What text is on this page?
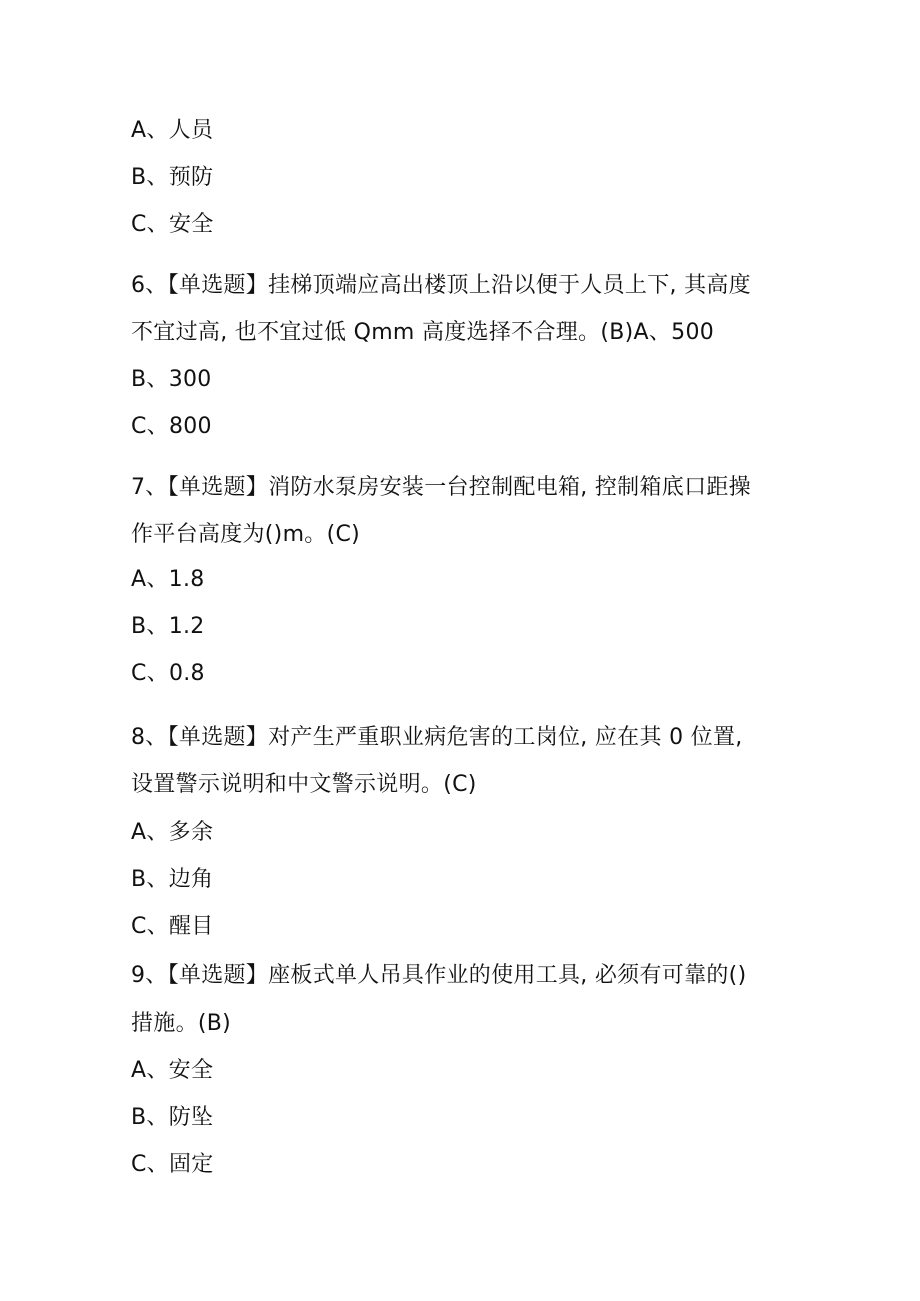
A、人员
B、预防
C、安全
6、【单选题】挂梯顶端应高出楼顶上沿以便于人员上下, 其高度
不宜过高, 也不宜过低 Qmm 高度选择不合理。(B)A、500
B、300
C、800
7、【单选题】消防水泵房安装一台控制配电箱, 控制箱底口距操
作平台高度为()m。(C)
A、1.8
B、1.2
C、0.8
8、【单选题】对产生严重职业病危害的工岗位, 应在其 0 位置,
设置警示说明和中文警示说明。(C)
A、多余
B、边角
C、醒目
9、【单选题】座板式单人吊具作业的使用工具, 必须有可靠的()
措施。(B)
A、安全
B、防坠
C、固定
